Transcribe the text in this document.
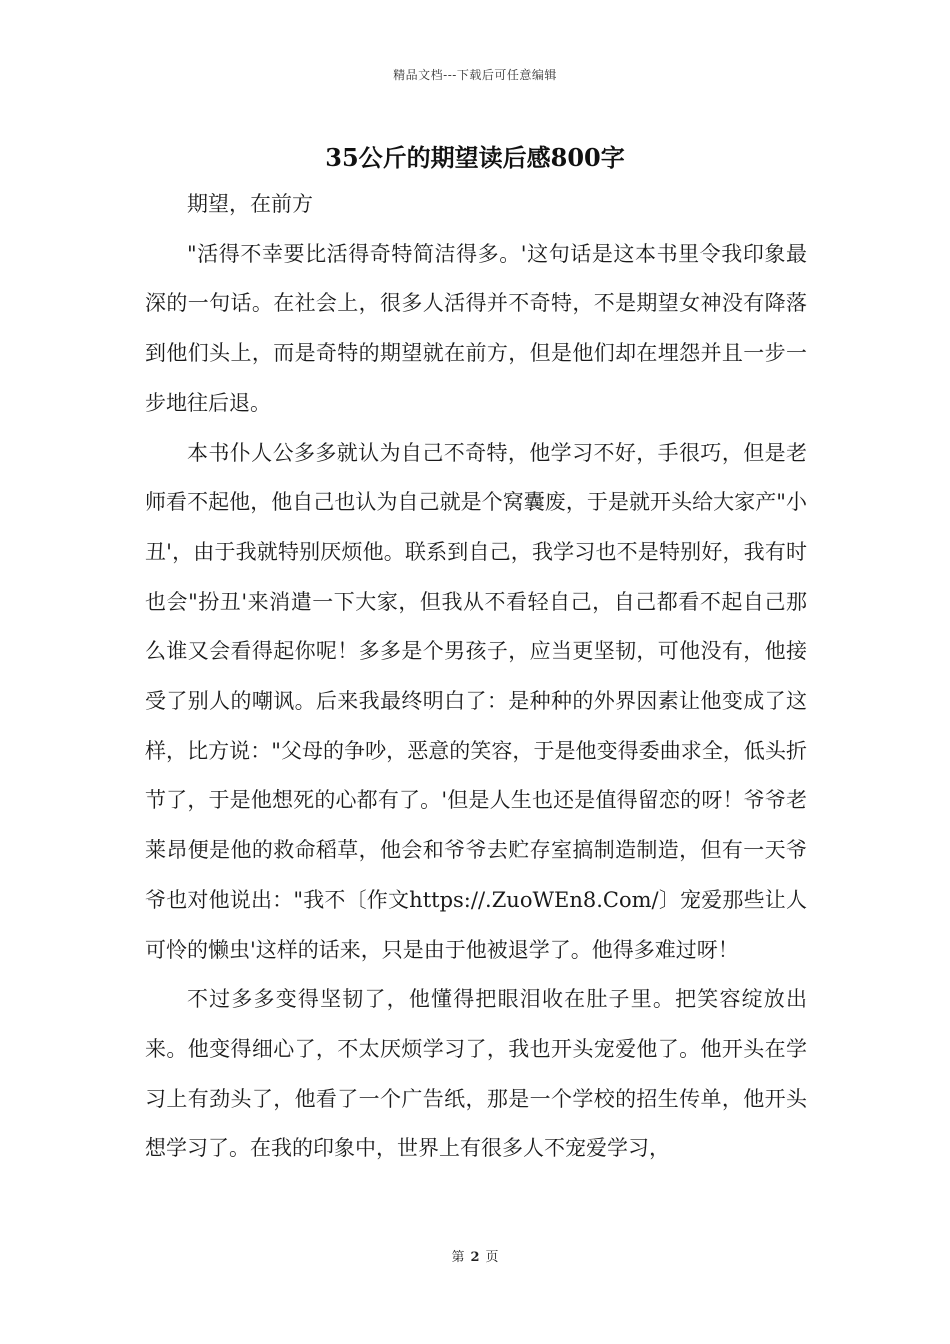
精品文档---下载后可任意编辑
35公斤的期望读后感800字

期望，在前方

"活得不幸要比活得奇特简洁得多。'这句话是这本书里令我印象最深的一句话。在社会上，很多人活得并不奇特，不是期望女神没有降落到他们头上，而是奇特的期望就在前方，但是他们却在埋怨并且一步一步地往后退。

本书仆人公多多就认为自己不奇特，他学习不好，手很巧，但是老师看不起他，他自己也认为自己就是个窝囊废，于是就开头给大家产"小丑'，由于我就特别厌烦他。联系到自己，我学习也不是特别好，我有时也会"扮丑'来消遣一下大家，但我从不看轻自己，自己都看不起自己那么谁又会看得起你呢！多多是个男孩子，应当更坚韧，可他没有，他接受了别人的嘲讽。后来我最终明白了：是种种的外界因素让他变成了这样，比方说："父母的争吵，恶意的笑容，于是他变得委曲求全，低头折节了，于是他想死的心都有了。'但是人生也还是值得留恋的呀！爷爷老莱昂便是他的救命稻草，他会和爷爷去贮存室搞制造制造，但有一天爷爷也对他说出："我不〔作文https://.ZuoWEn8.Com/〕宠爱那些让人可怜的懒虫'这样的话来，只是由于他被退学了。他得多难过呀！

不过多多变得坚韧了，他懂得把眼泪收在肚子里。把笑容绽放出来。他变得细心了，不太厌烦学习了，我也开头宠爱他了。他开头在学习上有劲头了，他看了一个广告纸，那是一个学校的招生传单，他开头想学习了。在我的印象中，世界上有很多人不宠爱学习，

第 2 页
